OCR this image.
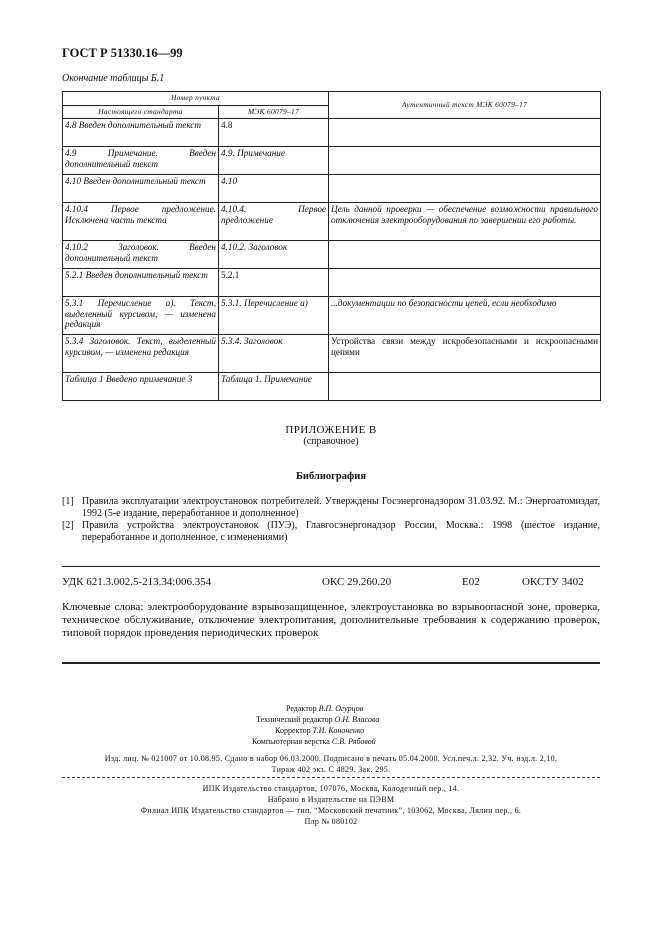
ГОСТ Р 51330.16—99
Окончание таблицы Б.1
Номер пункта		Аутентичный текст МЭК 60079–17
Настоящего стандарта	МЭК 60079–17	
4.8 Введен дополнительный текст	4.8	
4.9 Примечание. Введен дополнительный текст	4.9. Примечание	
4.10 Введен дополнительный текст	4.10	
4.10.4 Первое предложение. Исключена часть текста	4.10.4. Первое предложение	Цель данной проверки — обеспечение возможности правильного отключения электрооборудования по завершении его работы.
4.10.2 Заголовок. Введен дополнительный текст	4.10.2. Заголовок	
5.2.1 Введен дополнительный текст	5.2.1	
5.3.1 Перечисление а). Текст, выделенный курсивом, — изменена редакция	5.3.1. Перечисление а)	...документации по безопасности цепей, если необходимо
5.3.4 Заголовок. Текст, выделенный курсивом, — изменена редакция	5.3.4. Заголовок	Устройства связи между искробезопасными и искроопасными цепями
Таблица 1 Введено примечание 3	Таблица 1. Примечание	
ПРИЛОЖЕНИЕ В
(справочное)
Библиография
[1] Правила эксплуатации электроустановок потребителей. Утверждены Госэнергонадзором 31.03.92. М.: Энергоатомиздат, 1992 (5-е издание, переработанное и дополненное)
[2] Правила устройства электроустановок (ПУЭ), Главгосэнергонадзор России, Москва.: 1998 (шестое издание, переработанное и дополненное, с изменениями)
УДК 621.3.002.5-213.34:006.354	ОКС 29.260.20	Е02	ОКСТУ 3402
Ключевые слова: электрооборудование взрывозащищенное, электроустановка во взрывоопасной зоне, проверка, техническое обслуживание, отключение электропитания, дополнительные требования к содержанию проверок, типовой порядок проведения периодических проверок
Редактор В.П. Огурцов
Технический редактор О.Н. Власова
Корректор Т.И. Кононенко
Компьютерная верстка С.В. Рябовой
Изд. лиц. № 021007 от 10.08.95. Сдано в набор 06.03.2000. Подписано в печать 05.04.2000. Усл.печ.л. 2,32. Уч. изд.л. 2,10.
Тираж 402 экз. С 4829. Зак. 295.
ИПК Издательство стандартов, 107076, Москва, Колодезный пер., 14.
Набрано в Издательстве на ПЭВМ
Филиал ИПК Издательство стандартов — тип. “Московский печатник”, 103062, Москва, Лялин пер., 6.
Плр № 080102
